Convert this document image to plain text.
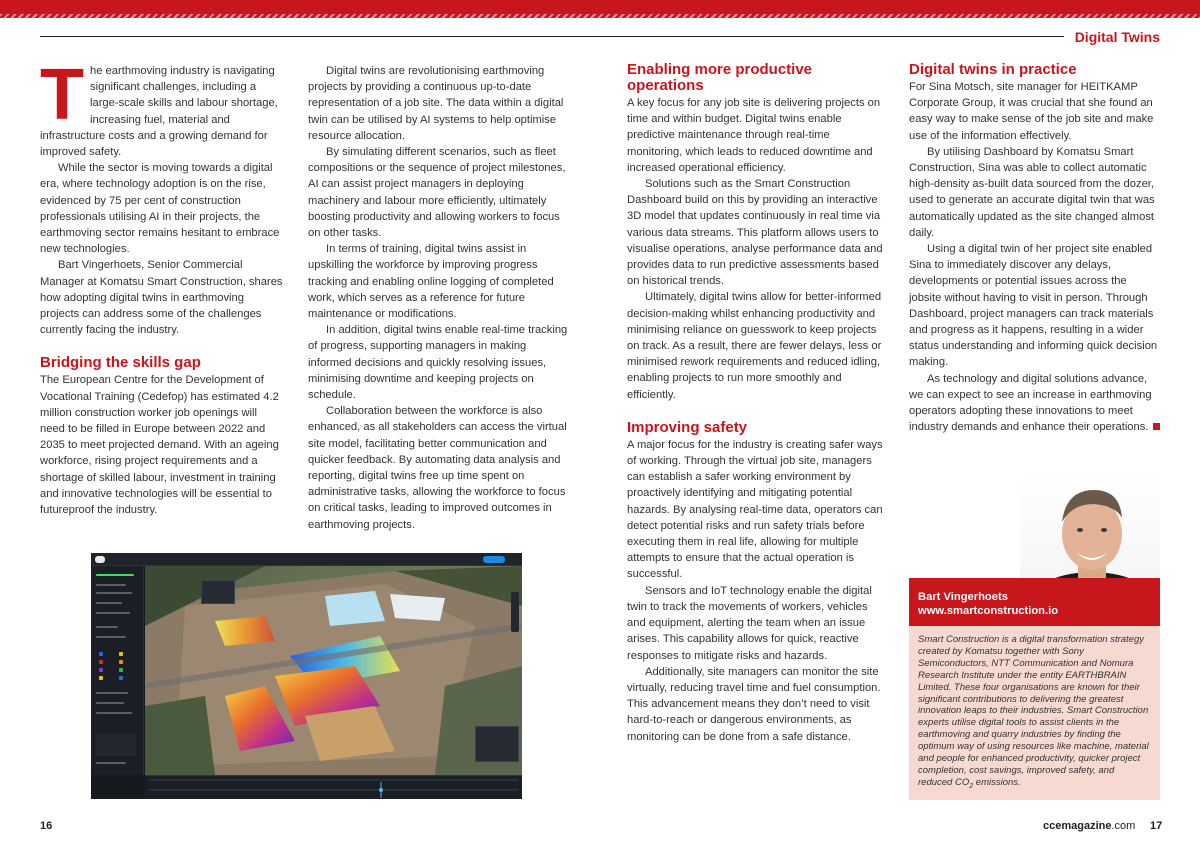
Digital Twins

The earthmoving industry is navigating significant challenges, including a large-scale skills and labour shortage, increasing fuel, material and infrastructure costs and a growing demand for improved safety.

While the sector is moving towards a digital era, where technology adoption is on the rise, evidenced by 75 per cent of construction professionals utilising AI in their projects, the earthmoving sector remains hesitant to embrace new technologies.

Bart Vingerhoets, Senior Commercial Manager at Komatsu Smart Construction, shares how adopting digital twins in earthmoving projects can address some of the challenges currently facing the industry.

Bridging the skills gap

The European Centre for the Development of Vocational Training (Cedefop) has estimated 4.2 million construction worker job openings will need to be filled in Europe between 2022 and 2035 to meet projected demand. With an ageing workforce, rising project requirements and a shortage of skilled labour, investment in training and innovative technologies will be essential to futureproof the industry.

Digital twins are revolutionising earthmoving projects by providing a continuous up-to-date representation of a job site. The data within a digital twin can be utilised by AI systems to help optimise resource allocation.

By simulating different scenarios, such as fleet compositions or the sequence of project milestones, AI can assist project managers in deploying machinery and labour more efficiently, ultimately boosting productivity and allowing workers to focus on other tasks.

In terms of training, digital twins assist in upskilling the workforce by improving progress tracking and enabling online logging of completed work, which serves as a reference for future maintenance or modifications.

In addition, digital twins enable real-time tracking of progress, supporting managers in making informed decisions and quickly resolving issues, minimising downtime and keeping projects on schedule.

Collaboration between the workforce is also enhanced, as all stakeholders can access the virtual site model, facilitating better communication and quicker feedback. By automating data analysis and reporting, digital twins free up time spent on administrative tasks, allowing the workforce to focus on critical tasks, leading to improved outcomes in earthmoving projects.

Enabling more productive operations

A key focus for any job site is delivering projects on time and within budget. Digital twins enable predictive maintenance through real-time monitoring, which leads to reduced downtime and increased operational efficiency.

Solutions such as the Smart Construction Dashboard build on this by providing an interactive 3D model that updates continuously in real time via various data streams. This platform allows users to visualise operations, analyse performance data and provides data to run predictive assessments based on historical trends.

Ultimately, digital twins allow for better-informed decision-making whilst enhancing productivity and minimising reliance on guesswork to keep projects on track. As a result, there are fewer delays, less or minimised rework requirements and reduced idling, enabling projects to run more smoothly and efficiently.

Improving safety

A major focus for the industry is creating safer ways of working. Through the virtual job site, managers can establish a safer working environment by proactively identifying and mitigating potential hazards. By analysing real-time data, operators can detect potential risks and run safety trials before executing them in real life, allowing for multiple attempts to ensure that the actual operation is successful.

Sensors and IoT technology enable the digital twin to track the movements of workers, vehicles and equipment, alerting the team when an issue arises. This capability allows for quick, reactive responses to mitigate risks and hazards.

Additionally, site managers can monitor the site virtually, reducing travel time and fuel consumption. This advancement means they don’t need to visit hard-to-reach or dangerous environments, as monitoring can be done from a safe distance.

Digital twins in practice

For Sina Motsch, site manager for HEITKAMP Corporate Group, it was crucial that she found an easy way to make sense of the job site and make use of the information effectively.

By utilising Dashboard by Komatsu Smart Construction, Sina was able to collect automatic high-density as-built data sourced from the dozer, used to generate an accurate digital twin that was automatically updated as the site changed almost daily.

Using a digital twin of her project site enabled Sina to immediately discover any delays, developments or potential issues across the jobsite without having to visit in person. Through Dashboard, project managers can track materials and progress as it happens, resulting in a wider status understanding and informing quick decision making.

As technology and digital solutions advance, we can expect to see an increase in earthmoving operators adopting these innovations to meet industry demands and enhance their operations.

Bart Vingerhoets
www.smartconstruction.io
Smart Construction is a digital transformation strategy created by Komatsu together with Sony Semiconductors, NTT Communication and Nomura Research Institute under the entity EARTHBRAIN Limited. These four organisations are known for their significant contributions to delivering the greatest innovation leaps to their industries. Smart Construction experts utilise digital tools to assist clients in the earthmoving and quarry industries by finding the optimum way of using resources like machine, material and people for enhanced productivity, quicker project completion, cost savings, improved safety, and reduced $CO_2$ emissions.
16	ccemagazine.com 17
